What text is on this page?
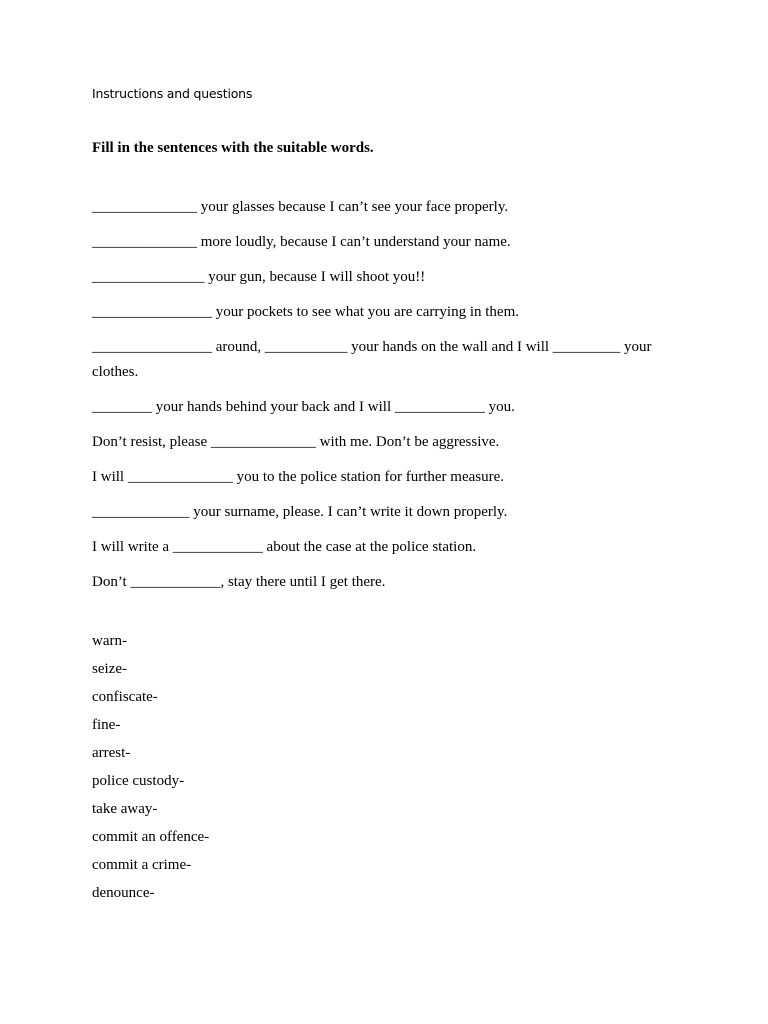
Instructions and questions
Fill in the sentences with the suitable words.
______________ your glasses because I can’t see your face properly.
______________ more loudly, because I can’t understand your name.
_______________ your gun, because I will shoot you!!
________________ your pockets to see what you are carrying in them.
________________ around, ___________ your hands on the wall and I will _________ your clothes.
________ your hands behind your back and I will ____________ you.
Don’t resist, please ______________ with me. Don’t be aggressive.
I will ______________ you to the police station for further measure.
_____________ your surname, please. I can’t write it down properly.
I will write a ____________ about the case at the police station.
Don’t ____________, stay there until I get there.
warn-
seize-
confiscate-
fine-
arrest-
police custody-
take away-
commit an offence-
commit a crime-
denounce-
